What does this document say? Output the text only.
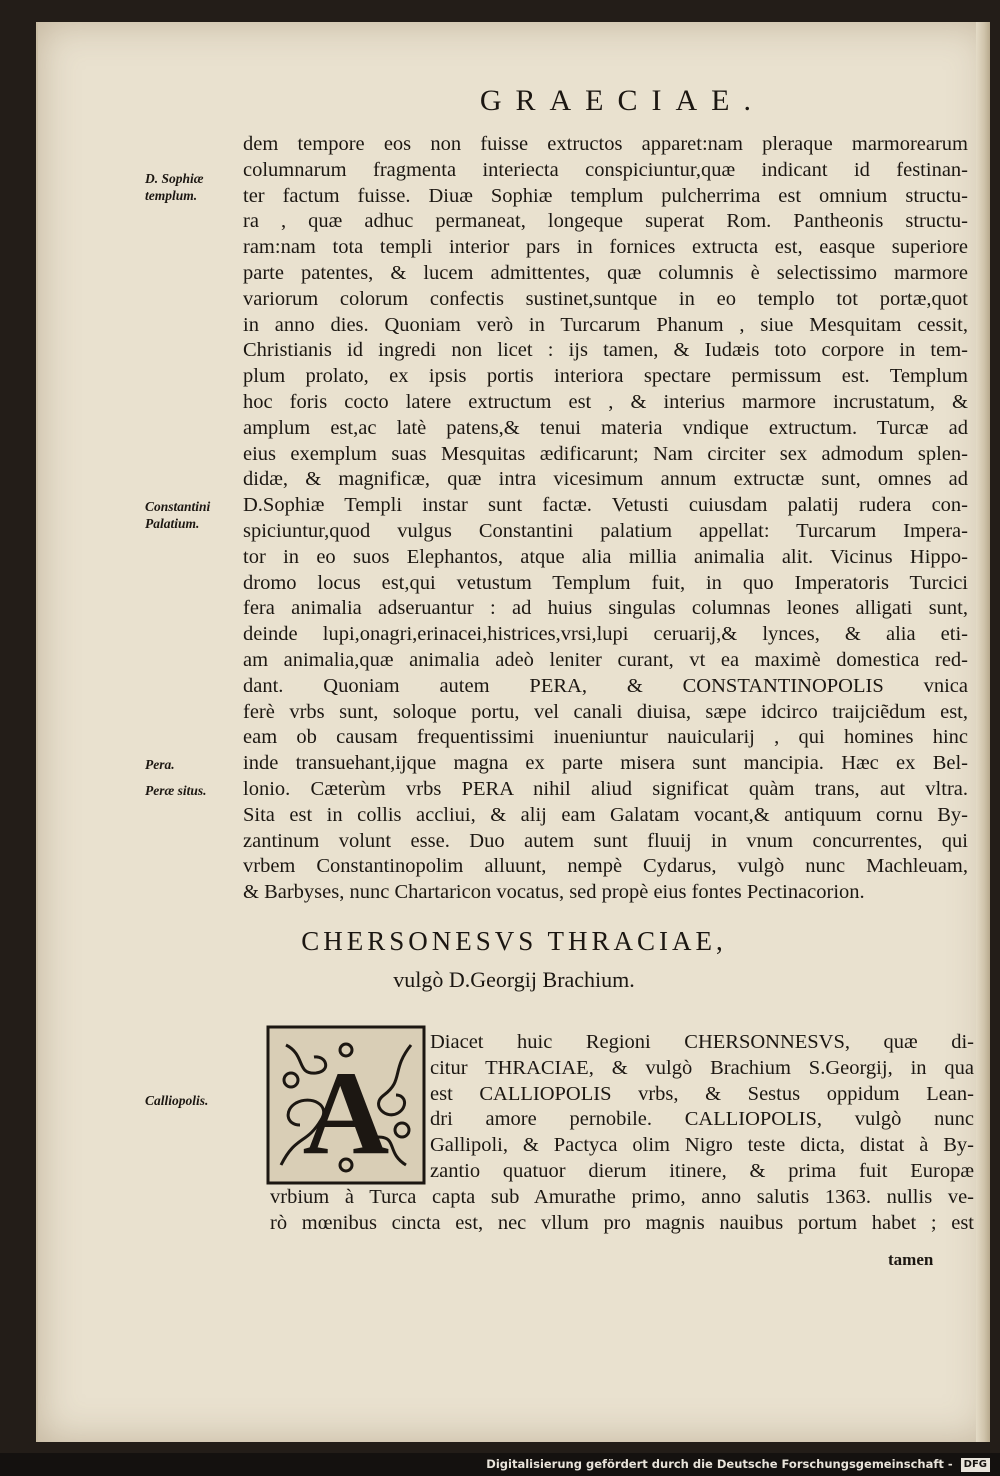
GRAECIAE.
dem tempore eos non fuisse extructos apparet:nam pleraque marmorearum
columnarum fragmenta interiecta conspiciuntur,quæ indicant id festinan-
ter factum fuisse. Diuæ Sophiæ templum pulcherrima est omnium structu-
ra , quæ adhuc permaneat, longeque superat Rom. Pantheonis structu-
ram:nam tota templi interior pars in fornices extructa est, easque superiore
parte patentes, & lucem admittentes, quæ columnis è selectissimo marmore
variorum colorum confectis sustinet,suntque in eo templo tot portæ,quot
in anno dies. Quoniam verò in Turcarum Phanum , siue Mesquitam cessit,
Christianis id ingredi non licet : ijs tamen, & Iudæis toto corpore in tem-
plum prolato, ex ipsis portis interiora spectare permissum est. Templum
hoc foris cocto latere extructum est , & interius marmore incrustatum, &
amplum est,ac latè patens,& tenui materia vndique extructum. Turcæ ad
eius exemplum suas Mesquitas ædificarunt; Nam circiter sex admodum splen-
didæ, & magnificæ, quæ intra vicesimum annum extructæ sunt, omnes ad
D.Sophiæ Templi instar sunt factæ. Vetusti cuiusdam palatij rudera con-
spiciuntur,quod vulgus Constantini palatium appellat: Turcarum Impera-
tor in eo suos Elephantos, atque alia millia animalia alit. Vicinus Hippo-
dromo locus est,qui vetustum Templum fuit, in quo Imperatoris Turcici
fera animalia adseruantur : ad huius singulas columnas leones alligati sunt,
deinde lupi,onagri,erinacei,histrices,vrsi,lupi ceruarij,& lynces, & alia eti-
am animalia,quæ animalia adeò leniter curant, vt ea maximè domestica red-
dant. Quoniam autem PERA, & CONSTANTINOPOLIS vnica
ferè vrbs sunt, soloque portu, vel canali diuisa, sæpe idcirco traijciẽdum est,
eam ob causam frequentissimi inueniuntur nauicularij , qui homines hinc
inde transuehant,ijque magna ex parte misera sunt mancipia. Hæc ex Bel-
lonio. Cæterùm vrbs PERA nihil aliud significat quàm trans, aut vltra.
Sita est in collis accliui, & alij eam Galatam vocant,& antiquum cornu By-
zantinum volunt esse. Duo autem sunt fluuij in vnum concurrentes, qui
vrbem Constantinopolim alluunt, nempè Cydarus, vulgò nunc Machleuam,
& Barbyses, nunc Chartaricon vocatus, sed propè eius fontes Pectinacorion.
D. Sophiæ templum.
Constantini Palatium.
Pera.
Peræ situs.
Calliopolis.
CHERSONESVS THRACIAE,
vulgò D.Georgij Brachium.
A
Diacet huic Regioni CHERSONNESVS, quæ di-
citur THRACIAE, & vulgò Brachium S.Georgij, in qua
est CALLIOPOLIS vrbs, & Sestus oppidum Lean-
dri amore pernobile. CALLIOPOLIS, vulgò nunc
Gallipoli, & Pactyca olim Nigro teste dicta, distat à By-
zantio quatuor dierum itinere, & prima fuit Europæ
vrbium à Turca capta sub Amurathe primo, anno salutis 1363. nullis ve-
rò mœnibus cincta est, nec vllum pro magnis nauibus portum habet ; est
tamen
Digitalisierung gefördert durch die Deutsche Forschungsgemeinschaft - DFG
